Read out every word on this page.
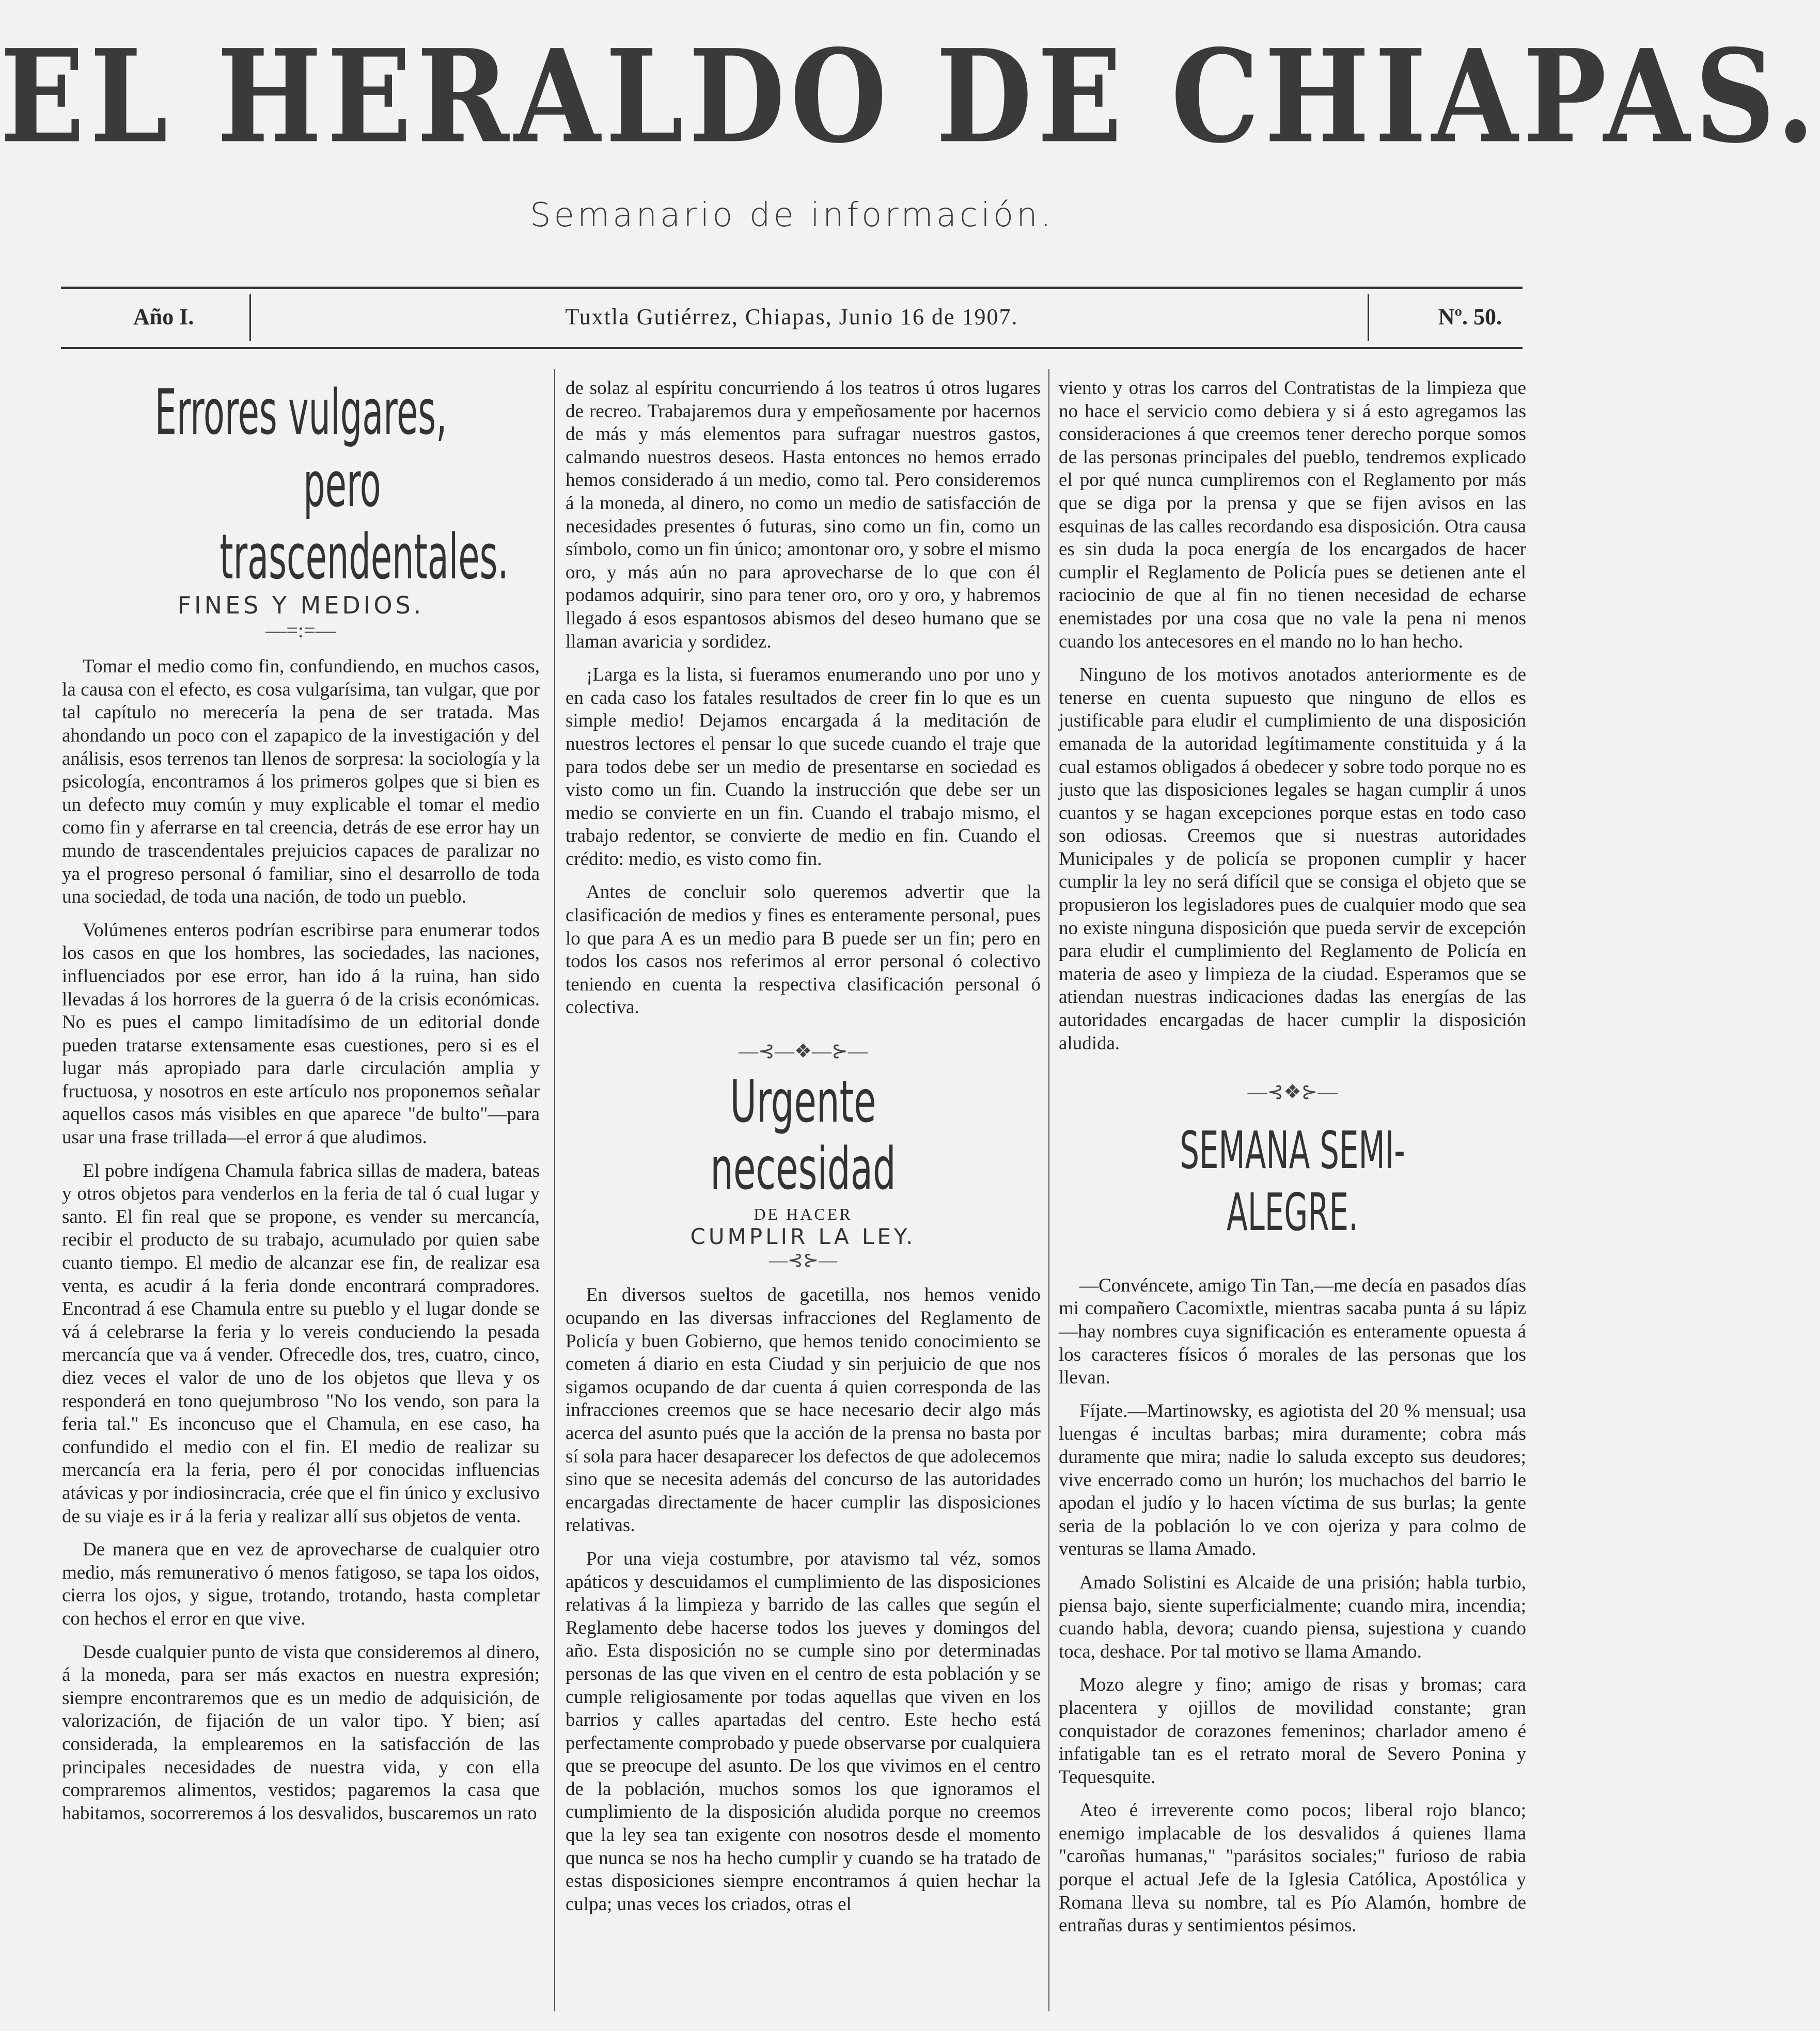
EL HERALDO DE CHIAPAS.
Semanario de información.
Año I.	Tuxtla Gutiérrez, Chiapas, Junio 16 de 1907.	Nº. 50.
Errores vulgares,
pero trascendentales.
FINES Y MEDIOS.
—=:=—

Tomar el medio como fin, confundiendo, en muchos casos, la causa con el efecto, es cosa vulgarísima, tan vulgar, que por tal capítulo no merecería la pena de ser tratada. Mas ahondando un poco con el zapapico de la investigación y del análisis, esos terrenos tan llenos de sorpresa: la sociología y la psicología, encontramos á los primeros golpes que si bien es un defecto muy común y muy explicable el tomar el medio como fin y aferrarse en tal creencia, detrás de ese error hay un mundo de trascendentales prejuicios capaces de paralizar no ya el progreso personal ó familiar, sino el desarrollo de toda una sociedad, de toda una nación, de todo un pueblo.

Volúmenes enteros podrían escribirse para enumerar todos los casos en que los hombres, las sociedades, las naciones, influenciados por ese error, han ido á la ruina, han sido llevadas á los horrores de la guerra ó de la crisis económicas. No es pues el campo limitadísimo de un editorial donde pueden tratarse extensamente esas cuestiones, pero si es el lugar más apropiado para darle circulación amplia y fructuosa, y nosotros en este artículo nos proponemos señalar aquellos casos más visibles en que aparece "de bulto"—para usar una frase trillada—el error á que aludimos.

El pobre indígena Chamula fabrica sillas de madera, bateas y otros objetos para venderlos en la feria de tal ó cual lugar y santo. El fin real que se propone, es vender su mercancía, recibir el producto de su trabajo, acumulado por quien sabe cuanto tiempo. El medio de alcanzar ese fin, de realizar esa venta, es acudir á la feria donde encontrará compradores. Encontrad á ese Chamula entre su pueblo y el lugar donde se vá á celebrarse la feria y lo vereis conduciendo la pesada mercancía que va á vender. Ofrecedle dos, tres, cuatro, cinco, diez veces el valor de uno de los objetos que lleva y os responderá en tono quejumbroso "No los vendo, son para la feria tal." Es inconcuso que el Chamula, en ese caso, ha confundido el medio con el fin. El medio de realizar su mercancía era la feria, pero él por conocidas influencias atávicas y por indiosincracia, crée que el fin único y exclusivo de su viaje es ir á la feria y realizar allí sus objetos de venta.

De manera que en vez de aprovecharse de cualquier otro medio, más remunerativo ó menos fatigoso, se tapa los oidos, cierra los ojos, y sigue, trotando, trotando, hasta completar con hechos el error en que vive.

Desde cualquier punto de vista que consideremos al dinero, á la moneda, para ser más exactos en nuestra expresión; siempre encontraremos que es un medio de adquisición, de valorización, de fijación de un valor tipo. Y bien; así considerada, la emplearemos en la satisfacción de las principales necesidades de nuestra vida, y con ella compraremos alimentos, vestidos; pagaremos la casa que habitamos, socorreremos á los desvalidos, buscaremos un rato

de solaz al espíritu concurriendo á los teatros ú otros lugares de recreo. Trabajaremos dura y empeñosamente por hacernos de más y más elementos para sufragar nuestros gastos, calmando nuestros deseos. Hasta entonces no hemos errado hemos considerado á un medio, como tal. Pero consideremos á la moneda, al dinero, no como un medio de satisfacción de necesidades presentes ó futuras, sino como un fin, como un símbolo, como un fin único; amontonar oro, y sobre el mismo oro, y más aún no para aprovecharse de lo que con él podamos adquirir, sino para tener oro, oro y oro, y habremos llegado á esos espantosos abismos del deseo humano que se llaman avaricia y sordidez.

¡Larga es la lista, si fueramos enumerando uno por uno y en cada caso los fatales resultados de creer fin lo que es un simple medio! Dejamos encargada á la meditación de nuestros lectores el pensar lo que sucede cuando el traje que para todos debe ser un medio de presentarse en sociedad es visto como un fin. Cuando la instrucción que debe ser un medio se convierte en un fin. Cuando el trabajo mismo, el trabajo redentor, se convierte de medio en fin. Cuando el crédito: medio, es visto como fin.

Antes de concluir solo queremos advertir que la clasificación de medios y fines es enteramente personal, pues lo que para A es un medio para B puede ser un fin; pero en todos los casos nos referimos al error personal ó colectivo teniendo en cuenta la respectiva clasificación personal ó colectiva.

—⊰—❖—⊱—
Urgente necesidad
DE HACER
CUMPLIR LA LEY.
—⊰⊱—

En diversos sueltos de gacetilla, nos hemos venido ocupando en las diversas infracciones del Reglamento de Policía y buen Gobierno, que hemos tenido conocimiento se cometen á diario en esta Ciudad y sin perjuicio de que nos sigamos ocupando de dar cuenta á quien corresponda de las infracciones creemos que se hace necesario decir algo más acerca del asunto pués que la acción de la prensa no basta por sí sola para hacer desaparecer los defectos de que adolecemos sino que se necesita además del concurso de las autoridades encargadas directamente de hacer cumplir las disposiciones relativas.

Por una vieja costumbre, por atavismo tal véz, somos apáticos y descuidamos el cumplimiento de las disposiciones relativas á la limpieza y barrido de las calles que según el Reglamento debe hacerse todos los jueves y domingos del año. Esta disposición no se cumple sino por determinadas personas de las que viven en el centro de esta población y se cumple religiosamente por todas aquellas que viven en los barrios y calles apartadas del centro. Este hecho está perfectamente comprobado y puede observarse por cualquiera que se preocupe del asunto. De los que vivimos en el centro de la población, muchos somos los que ignoramos el cumplimiento de la disposición aludida porque no creemos que la ley sea tan exigente con nosotros desde el momento que nunca se nos ha hecho cumplir y cuando se ha tratado de estas disposiciones siempre encontramos á quien hechar la culpa; unas veces los criados, otras el

viento y otras los carros del Contratistas de la limpieza que no hace el servicio como debiera y si á esto agregamos las consideraciones á que creemos tener derecho porque somos de las personas principales del pueblo, tendremos explicado el por qué nunca cumpliremos con el Reglamento por más que se diga por la prensa y que se fijen avisos en las esquinas de las calles recordando esa disposición. Otra causa es sin duda la poca energía de los encargados de hacer cumplir el Reglamento de Policía pues se detienen ante el raciocinio de que al fin no tienen necesidad de echarse enemistades por una cosa que no vale la pena ni menos cuando los antecesores en el mando no lo han hecho.

Ninguno de los motivos anotados anteriormente es de tenerse en cuenta supuesto que ninguno de ellos es justificable para eludir el cumplimiento de una disposición emanada de la autoridad legítimamente constituida y á la cual estamos obligados á obedecer y sobre todo porque no es justo que las disposiciones legales se hagan cumplir á unos cuantos y se hagan excepciones porque estas en todo caso son odiosas. Creemos que si nuestras autoridades Municipales y de policía se proponen cumplir y hacer cumplir la ley no será difícil que se consiga el objeto que se propusieron los legisladores pues de cualquier modo que sea no existe ninguna disposición que pueda servir de excepción para eludir el cumplimiento del Reglamento de Policía en materia de aseo y limpieza de la ciudad. Esperamos que se atiendan nuestras indicaciones dadas las energías de las autoridades encargadas de hacer cumplir la disposición aludida.

—⊰❖⊱—
SEMANA SEMI-ALEGRE.

—Convéncete, amigo Tin Tan,—me decía en pasados días mi compañero Cacomixtle, mientras sacaba punta á su lápiz—hay nombres cuya significación es enteramente opuesta á los caracteres físicos ó morales de las personas que los llevan.

Fíjate.—Martinowsky, es agiotista del 20 % mensual; usa luengas é incultas barbas; mira duramente; cobra más duramente que mira; nadie lo saluda excepto sus deudores; vive encerrado como un hurón; los muchachos del barrio le apodan el judío y lo hacen víctima de sus burlas; la gente seria de la población lo ve con ojeriza y para colmo de venturas se llama Amado.

Amado Solistini es Alcaide de una prisión; habla turbio, piensa bajo, siente superficialmente; cuando mira, incendia; cuando habla, devora; cuando piensa, sujestiona y cuando toca, deshace. Por tal motivo se llama Amando.

Mozo alegre y fino; amigo de risas y bromas; cara placentera y ojillos de movilidad constante; gran conquistador de corazones femeninos; charlador ameno é infatigable tan es el retrato moral de Severo Ponina y Tequesquite.

Ateo é irreverente como pocos; liberal rojo blanco; enemigo implacable de los desvalidos á quienes llama "caroñas humanas," "parásitos sociales;" furioso de rabia porque el actual Jefe de la Iglesia Católica, Apostólica y Romana lleva su nombre, tal es Pío Alamón, hombre de entrañas duras y sentimientos pésimos.
